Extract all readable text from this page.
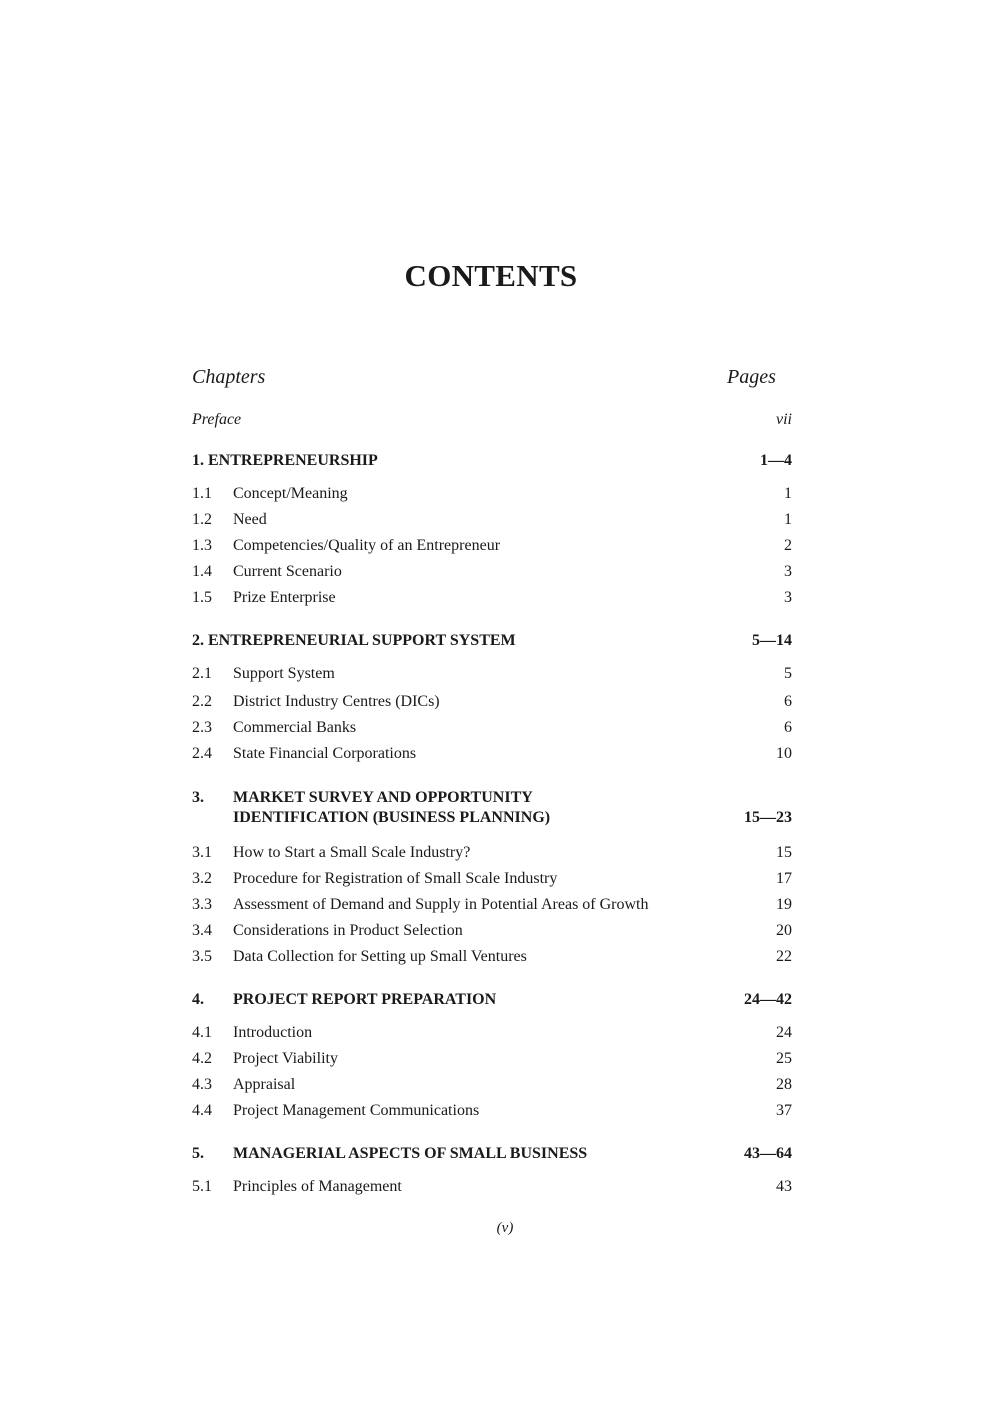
CONTENTS
Chapters	Pages
Preface	vii
1. ENTREPRENEURSHIP	1—4
1.1 Concept/Meaning	1
1.2 Need	1
1.3 Competencies/Quality of an Entrepreneur	2
1.4 Current Scenario	3
1.5 Prize Enterprise	3
2. ENTREPRENEURIAL SUPPORT SYSTEM	5—14
2.1 Support System	5
2.2 District Industry Centres (DICs)	6
2.3 Commercial Banks	6
2.4 State Financial Corporations	10
3. MARKET SURVEY AND OPPORTUNITY
IDENTIFICATION (BUSINESS PLANNING)	15—23
3.1 How to Start a Small Scale Industry?	15
3.2 Procedure for Registration of Small Scale Industry	17
3.3 Assessment of Demand and Supply in Potential Areas of Growth	19
3.4 Considerations in Product Selection	20
3.5 Data Collection for Setting up Small Ventures	22
4. PROJECT REPORT PREPARATION	24—42
4.1 Introduction	24
4.2 Project Viability	25
4.3 Appraisal	28
4.4 Project Management Communications	37
5. MANAGERIAL ASPECTS OF SMALL BUSINESS	43—64
5.1 Principles of Management	43
(v)
